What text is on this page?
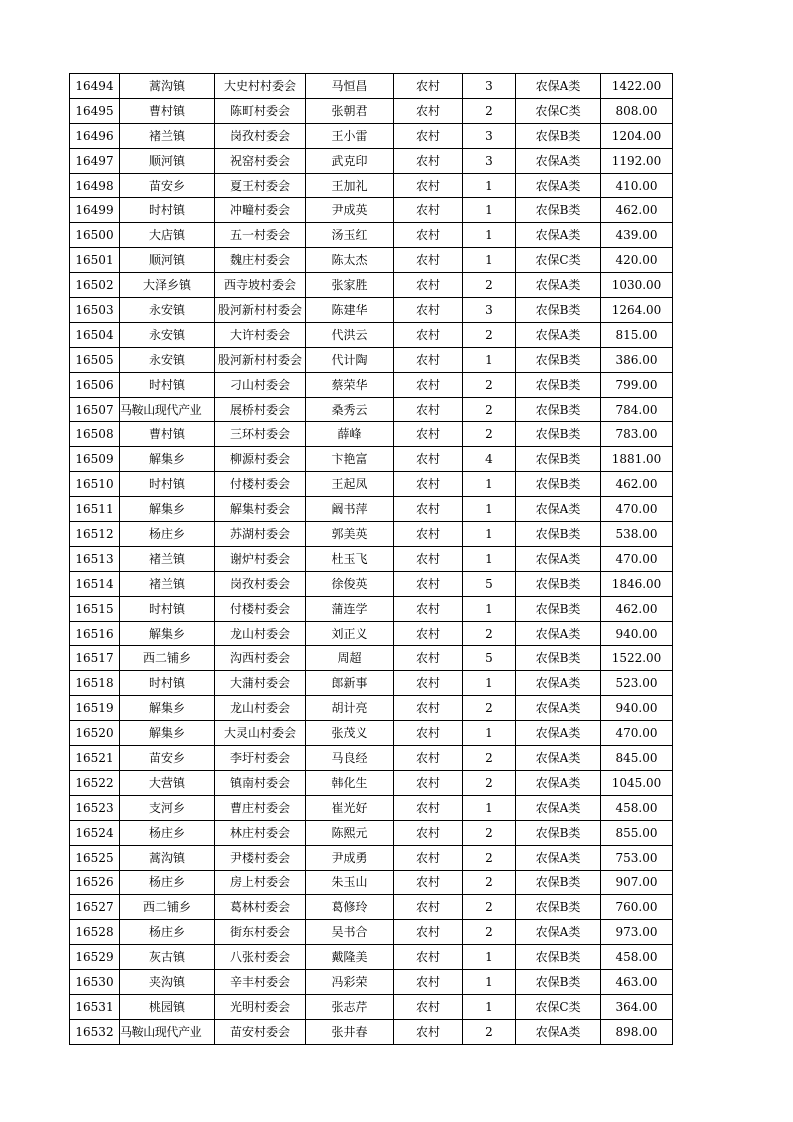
16494	蒿沟镇	大史村村委会	马恒昌	农村	3	农保A类	1422.00
16495	曹村镇	陈町村委会	张朝君	农村	2	农保C类	808.00
16496	褚兰镇	岗孜村委会	王小雷	农村	3	农保B类	1204.00
16497	顺河镇	祝窑村委会	武克印	农村	3	农保A类	1192.00
16498	苗安乡	夏王村委会	王加礼	农村	1	农保A类	410.00
16499	时村镇	冲疃村委会	尹成英	农村	1	农保B类	462.00
16500	大店镇	五一村委会	汤玉红	农村	1	农保A类	439.00
16501	顺河镇	魏庄村委会	陈太杰	农村	1	农保C类	420.00
16502	大泽乡镇	西寺坡村委会	张家胜	农村	2	农保A类	1030.00
16503	永安镇	股河新村村委会	陈建华	农村	3	农保B类	1264.00
16504	永安镇	大许村委会	代洪云	农村	2	农保A类	815.00
16505	永安镇	股河新村村委会	代计陶	农村	1	农保B类	386.00
16506	时村镇	刁山村委会	蔡荣华	农村	2	农保B类	799.00
16507	马鞍山现代产业	展桥村委会	桑秀云	农村	2	农保B类	784.00
16508	曹村镇	三环村委会	薛峰	农村	2	农保B类	783.00
16509	解集乡	柳源村委会	卞艳富	农村	4	农保B类	1881.00
16510	时村镇	付楼村委会	王起凤	农村	1	农保B类	462.00
16511	解集乡	解集村委会	阚书萍	农村	1	农保A类	470.00
16512	杨庄乡	苏湖村委会	郭美英	农村	1	农保B类	538.00
16513	褚兰镇	谢炉村委会	杜玉飞	农村	1	农保A类	470.00
16514	褚兰镇	岗孜村委会	徐俊英	农村	5	农保B类	1846.00
16515	时村镇	付楼村委会	蒲连学	农村	1	农保B类	462.00
16516	解集乡	龙山村委会	刘正义	农村	2	农保A类	940.00
16517	西二铺乡	沟西村委会	周超	农村	5	农保B类	1522.00
16518	时村镇	大蒲村委会	郎新事	农村	1	农保A类	523.00
16519	解集乡	龙山村委会	胡计亮	农村	2	农保A类	940.00
16520	解集乡	大灵山村委会	张茂义	农村	1	农保A类	470.00
16521	苗安乡	李圩村委会	马良经	农村	2	农保A类	845.00
16522	大营镇	镇南村委会	韩化生	农村	2	农保A类	1045.00
16523	支河乡	曹庄村委会	崔光好	农村	1	农保A类	458.00
16524	杨庄乡	林庄村委会	陈熙元	农村	2	农保B类	855.00
16525	蒿沟镇	尹楼村委会	尹成勇	农村	2	农保A类	753.00
16526	杨庄乡	房上村委会	朱玉山	农村	2	农保B类	907.00
16527	西二铺乡	葛林村委会	葛修玲	农村	2	农保B类	760.00
16528	杨庄乡	街东村委会	吴书合	农村	2	农保A类	973.00
16529	灰古镇	八张村委会	戴隆美	农村	1	农保B类	458.00
16530	夹沟镇	辛丰村委会	冯彩荣	农村	1	农保B类	463.00
16531	桃园镇	光明村委会	张志芹	农村	1	农保C类	364.00
16532	马鞍山现代产业	苗安村委会	张井春	农村	2	农保A类	898.00
